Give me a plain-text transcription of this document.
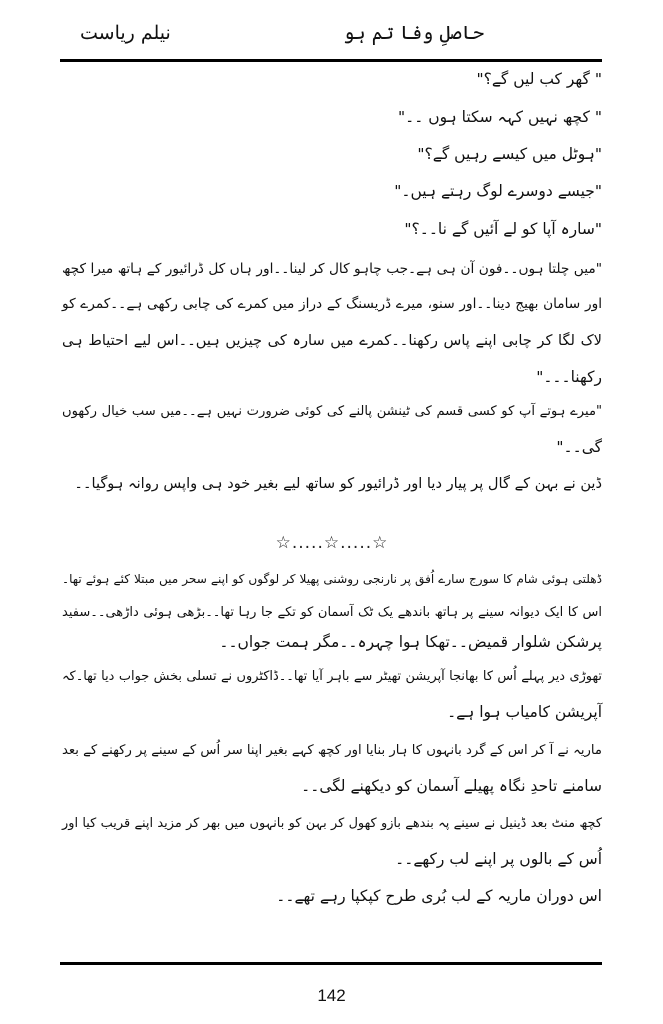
حاصلِ وفا تم ہو
نیلم ریاست
" گھر کب لیں گے؟"
" کچھ نہیں کہہ سکتا ہوں ۔۔"
"ہوٹل میں کیسے رہیں گے؟"
"جیسے دوسرے لوگ رہتے ہیں۔"
"سارہ آپا کو لے آئیں گے نا۔۔؟"
"میں چلتا ہوں۔۔فون آن ہی ہے۔جب چاہو کال کر لینا۔۔اور ہاں کل ڈرائیور کے ہاتھ میرا کچھ
اور سامان بھیج دینا۔۔اور سنو، میرے ڈریسنگ کے دراز میں کمرے کی چابی رکھی ہے۔۔کمرے کو
لاک لگا کر چابی اپنے پاس رکھنا۔۔کمرے میں سارہ کی چیزیں ہیں۔۔اس لیے احتیاط ہی
رکھنا۔۔۔"
"میرے ہوتے آپ کو کسی قسم کی ٹینشن پالنے کی کوئی ضرورت نہیں ہے۔۔میں سب خیال رکھوں
گی۔۔"
ڈین نے بہن کے گال پر پیار دیا اور ڈرائیور کو ساتھ لیے بغیر خود ہی واپس روانہ ہوگیا۔۔
☆.....☆.....☆
ڈھلتی ہوئی شام کا سورج سارے اُفق پر نارنجی روشنی پھیلا کر لوگوں کو اپنے سحر میں مبتلا کئے ہوئے تھا۔
اس کا ایک دیوانہ سینے پر ہاتھ باندھے یک ٹک آسمان کو تکے جا رہا تھا۔۔بڑھی ہوئی داڑھی۔۔سفید
پرشکن شلوار قمیض۔۔تھکا ہوا چہرہ۔۔مگر ہمت جواں۔۔
تھوڑی دیر پہلے اُس کا بھانجا آپریشن تھیٹر سے باہر آیا تھا۔۔ڈاکٹروں نے تسلی بخش جواب دیا تھا۔کہ
آپریشن کامیاب ہوا ہے۔
ماریہ نے آ کر اس کے گرد بانہوں کا ہار بنایا اور کچھ کہے بغیر اپنا سر اُس کے سینے پر رکھنے کے بعد
سامنے تاحدِ نگاہ پھیلے آسمان کو دیکھنے لگی۔۔
کچھ منٹ بعد ڈینیل نے سینے پہ بندھے بازو کھول کر بہن کو بانہوں میں بھر کر مزید اپنے قریب کیا اور
اُس کے بالوں پر اپنے لب رکھے۔۔
اس دوران ماریہ کے لب بُری طرح کپکپا رہے تھے۔۔
142
